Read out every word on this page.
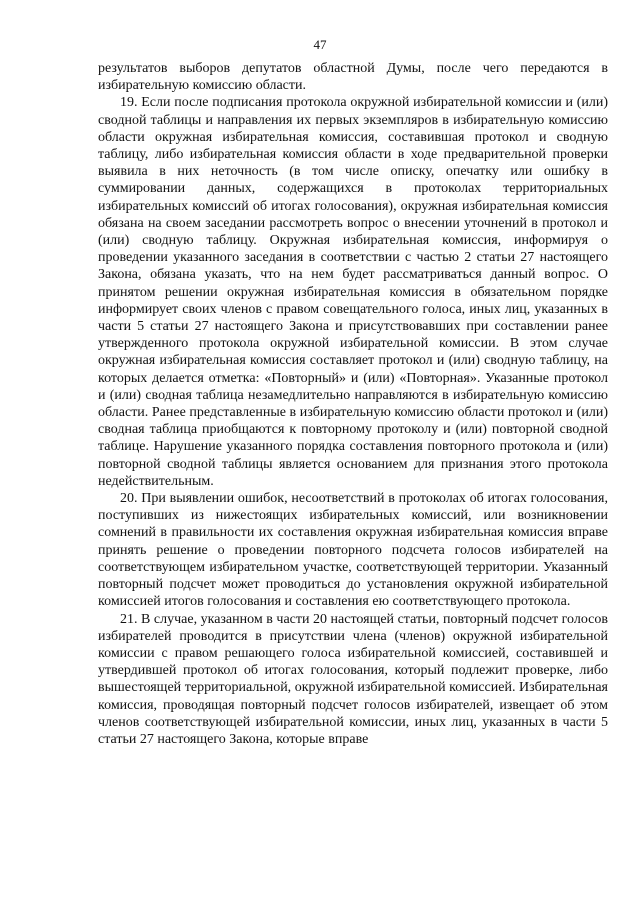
47

результатов выборов депутатов областной Думы, после чего передаются в избирательную комиссию области.

19. Если после подписания протокола окружной избирательной комиссии и (или) сводной таблицы и направления их первых экземпляров в избирательную комиссию области окружная избирательная комиссия, составившая протокол и сводную таблицу, либо избирательная комиссия области в ходе предварительной проверки выявила в них неточность (в том числе описку, опечатку или ошибку в суммировании данных, содержащихся в протоколах территориальных избирательных комиссий об итогах голосования), окружная избирательная комиссия обязана на своем заседании рассмотреть вопрос о внесении уточнений в протокол и (или) сводную таблицу. Окружная избирательная комиссия, информируя о проведении указанного заседания в соответствии с частью 2 статьи 27 настоящего Закона, обязана указать, что на нем будет рассматриваться данный вопрос. О принятом решении окружная избирательная комиссия в обязательном порядке информирует своих членов с правом совещательного голоса, иных лиц, указанных в части 5 статьи 27 настоящего Закона и присутствовавших при составлении ранее утвержденного протокола окружной избирательной комиссии. В этом случае окружная избирательная комиссия составляет протокол и (или) сводную таблицу, на которых делается отметка: «Повторный» и (или) «Повторная». Указанные протокол и (или) сводная таблица незамедлительно направляются в избирательную комиссию области. Ранее представленные в избирательную комиссию области протокол и (или) сводная таблица приобщаются к повторному протоколу и (или) повторной сводной таблице. Нарушение указанного порядка составления повторного протокола и (или) повторной сводной таблицы является основанием для признания этого протокола недействительным.

20. При выявлении ошибок, несоответствий в протоколах об итогах голосования, поступивших из нижестоящих избирательных комиссий, или возникновении сомнений в правильности их составления окружная избирательная комиссия вправе принять решение о проведении повторного подсчета голосов избирателей на соответствующем избирательном участке, соответствующей территории. Указанный повторный подсчет может проводиться до установления окружной избирательной комиссией итогов голосования и составления ею соответствующего протокола.

21. В случае, указанном в части 20 настоящей статьи, повторный подсчет голосов избирателей проводится в присутствии члена (членов) окружной избирательной комиссии с правом решающего голоса избирательной комиссией, составившей и утвердившей протокол об итогах голосования, который подлежит проверке, либо вышестоящей территориальной, окружной избирательной комиссией. Избирательная комиссия, проводящая повторный подсчет голосов избирателей, извещает об этом членов соответствующей избирательной комиссии, иных лиц, указанных в части 5 статьи 27 настоящего Закона, которые вправе
